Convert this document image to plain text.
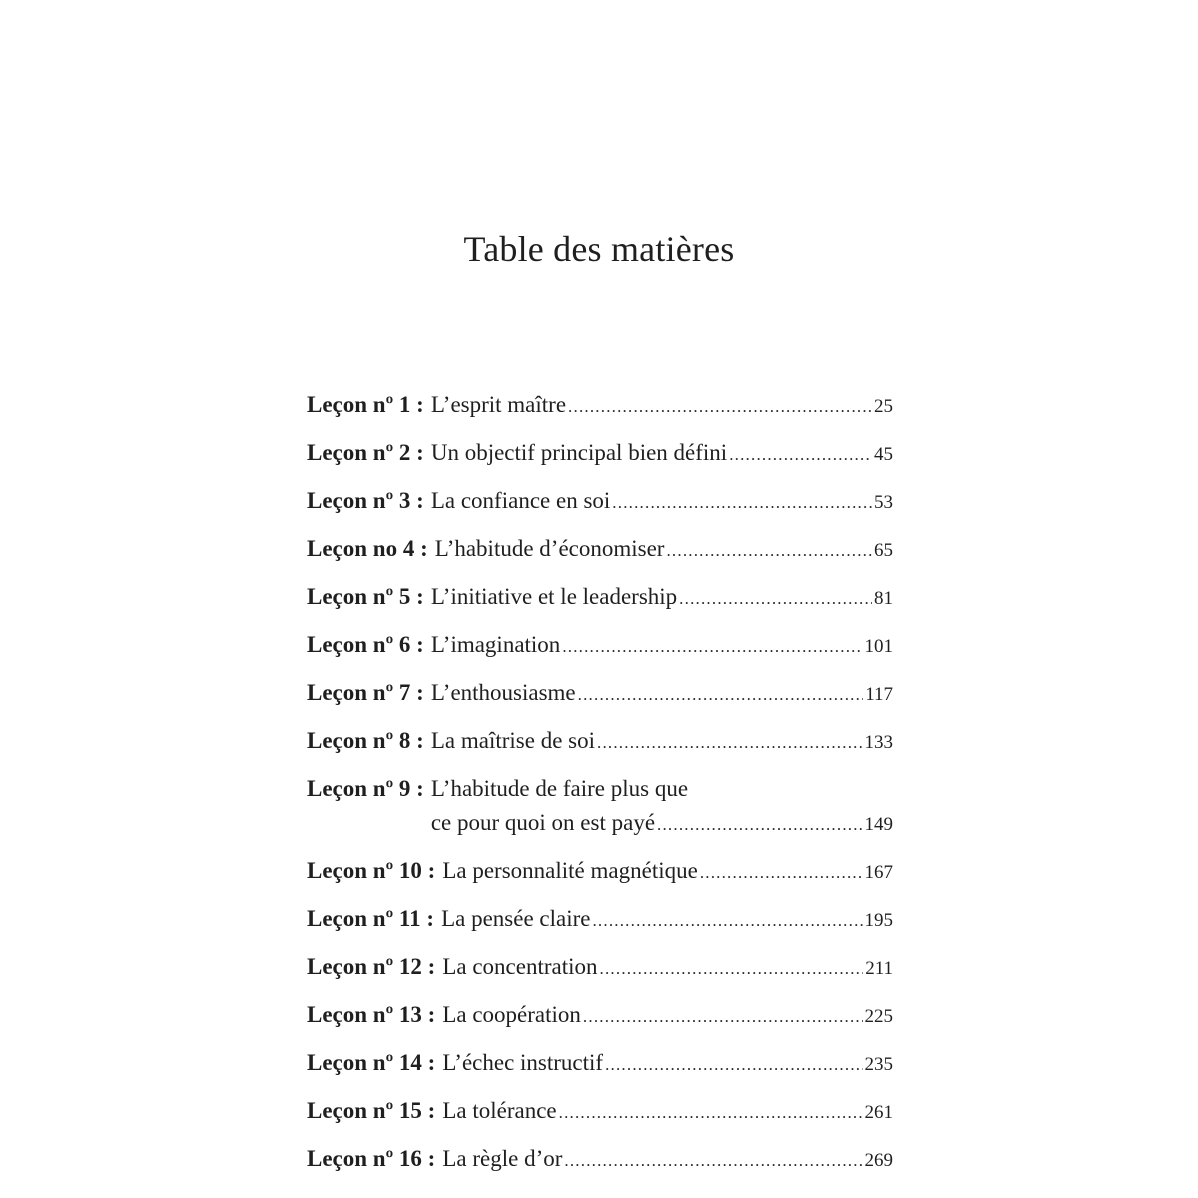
Table des matières
Leçon nº 1 : L’esprit maître .....	25
Leçon nº 2 : Un objectif principal bien défini .....	45
Leçon nº 3 : La confiance en soi .....	53
Leçon no 4 : L’habitude d’économiser .....	65
Leçon nº 5 : L’initiative et le leadership .....	81
Leçon nº 6 : L’imagination .....	101
Leçon nº 7 : L’enthousiasme .....	117
Leçon nº 8 : La maîtrise de soi .....	133
Leçon nº 9 : L’habitude de faire plus que
ce pour quoi on est payé .....	149
Leçon nº 10 : La personnalité magnétique .....	167
Leçon nº 11 : La pensée claire .....	195
Leçon nº 12 : La concentration .....	211
Leçon nº 13 : La coopération .....	225
Leçon nº 14 : L’échec instructif .....	235
Leçon nº 15 : La tolérance .....	261
Leçon nº 16 : La règle d’or .....	269
